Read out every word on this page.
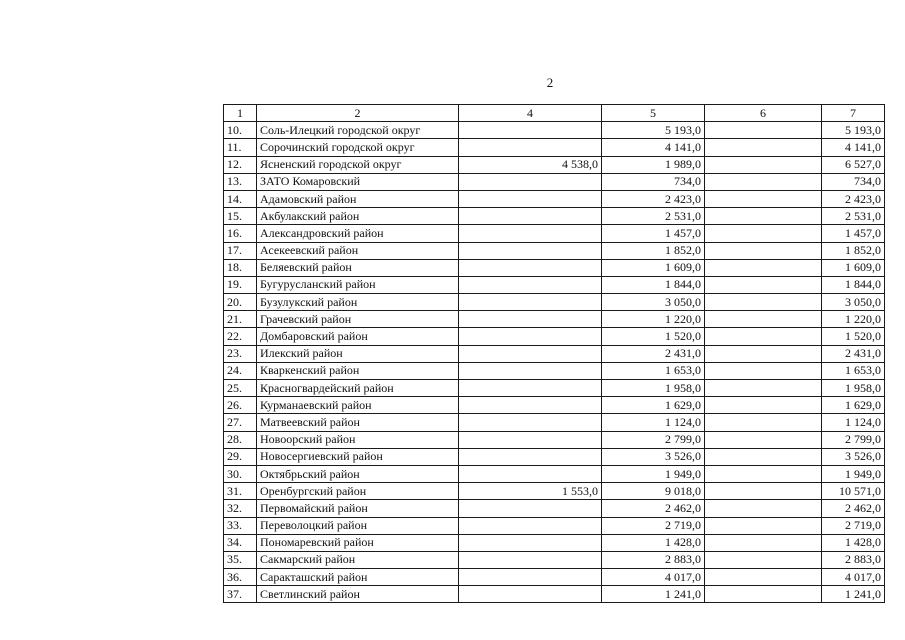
2
1	2	4	5	6	7
10.	Соль-Илецкий городской округ		5 193,0		5 193,0
11.	Сорочинский городской округ		4 141,0		4 141,0
12.	Ясненский городской округ	4 538,0	1 989,0		6 527,0
13.	ЗАТО Комаровский		734,0		734,0
14.	Адамовский район		2 423,0		2 423,0
15.	Акбулакский район		2 531,0		2 531,0
16.	Александровский район		1 457,0		1 457,0
17.	Асекеевский район		1 852,0		1 852,0
18.	Беляевский район		1 609,0		1 609,0
19.	Бугурусланский район		1 844,0		1 844,0
20.	Бузулукский район		3 050,0		3 050,0
21.	Грачевский район		1 220,0		1 220,0
22.	Домбаровский район		1 520,0		1 520,0
23.	Илекский район		2 431,0		2 431,0
24.	Кваркенский район		1 653,0		1 653,0
25.	Красногвардейский район		1 958,0		1 958,0
26.	Курманаевский район		1 629,0		1 629,0
27.	Матвеевский район		1 124,0		1 124,0
28.	Новоорский район		2 799,0		2 799,0
29.	Новосергиевский район		3 526,0		3 526,0
30.	Октябрьский район		1 949,0		1 949,0
31.	Оренбургский район	1 553,0	9 018,0		10 571,0
32.	Первомайский район		2 462,0		2 462,0
33.	Переволоцкий район		2 719,0		2 719,0
34.	Пономаревский район		1 428,0		1 428,0
35.	Сакмарский район		2 883,0		2 883,0
36.	Саракташский район		4 017,0		4 017,0
37.	Светлинский район		1 241,0		1 241,0
